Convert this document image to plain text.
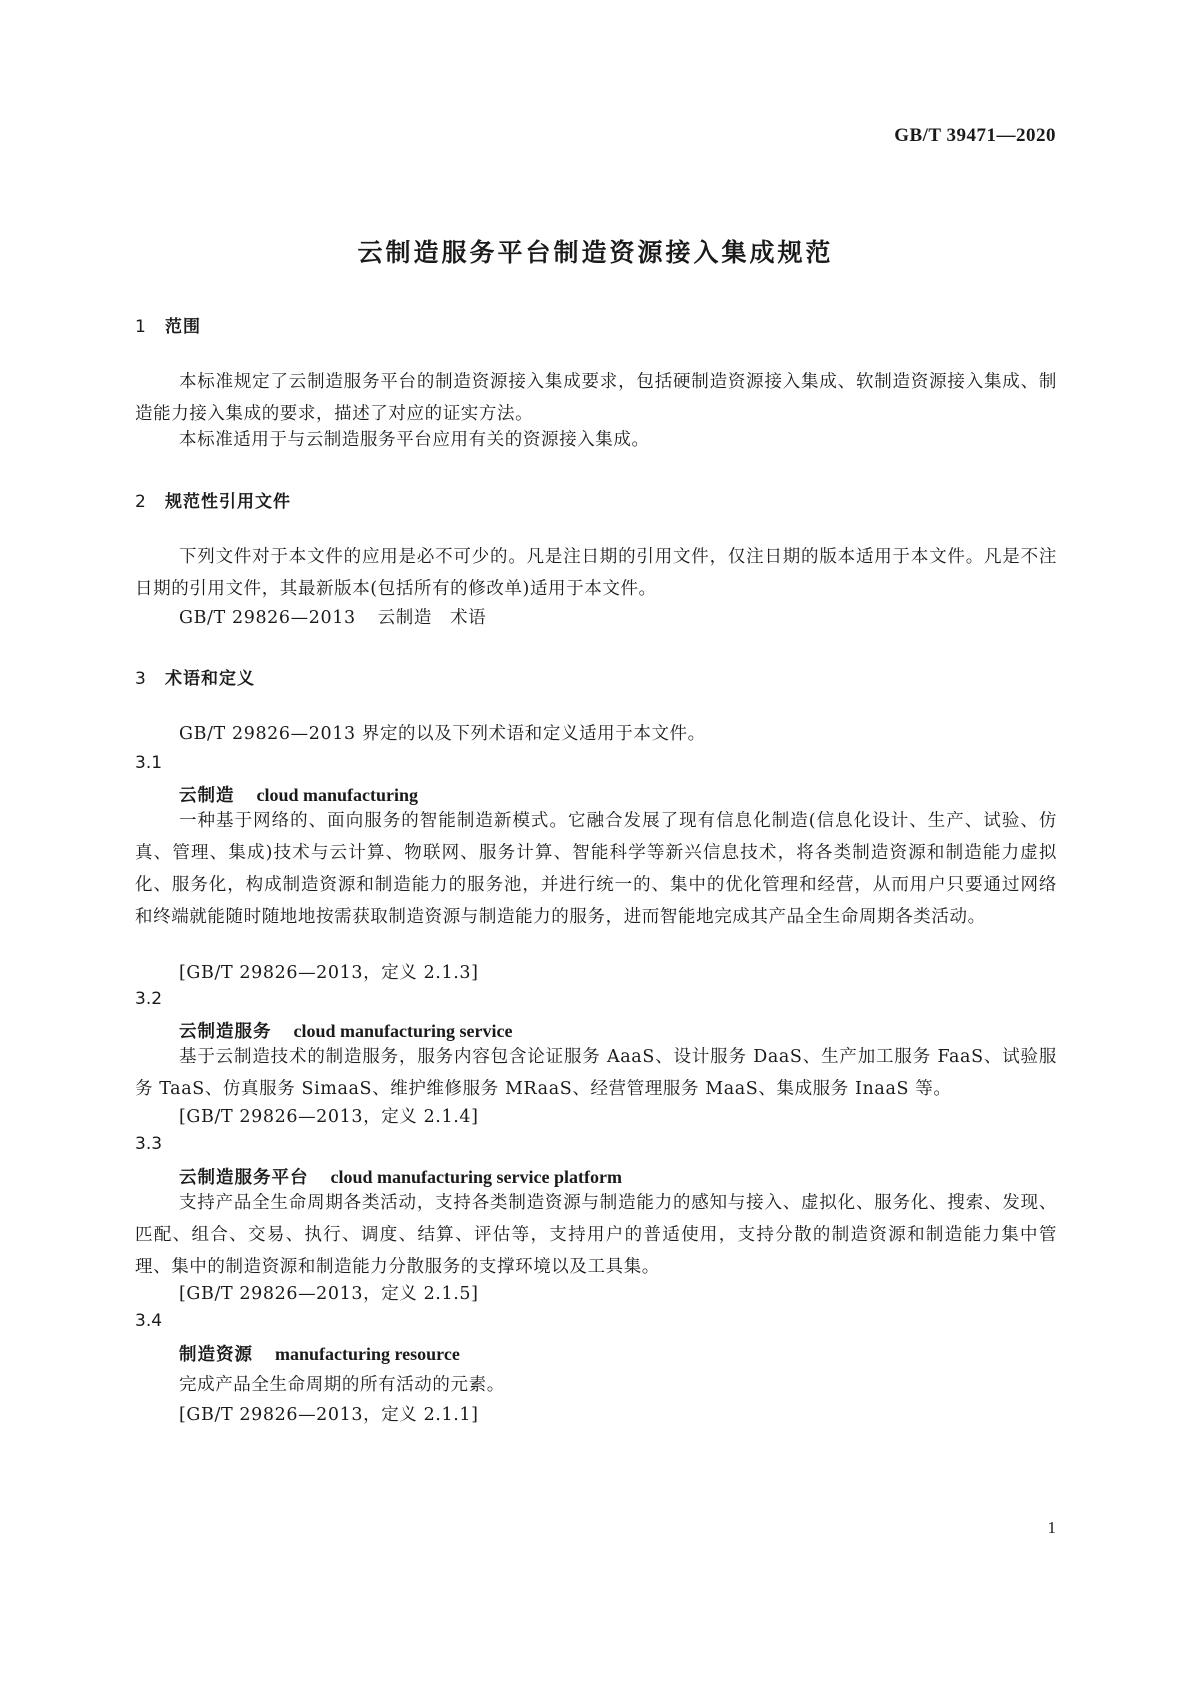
GB/T 39471—2020
云制造服务平台制造资源接入集成规范
1 范围

本标准规定了云制造服务平台的制造资源接入集成要求，包括硬制造资源接入集成、软制造资源接入集成、制造能力接入集成的要求，描述了对应的证实方法。

本标准适用于与云制造服务平台应用有关的资源接入集成。

2 规范性引用文件

下列文件对于本文件的应用是必不可少的。凡是注日期的引用文件，仅注日期的版本适用于本文件。凡是不注日期的引用文件，其最新版本(包括所有的修改单)适用于本文件。

GB/T 29826—2013 云制造　术语
3 术语和定义
GB/T 29826—2013 界定的以及下列术语和定义适用于本文件。
3.1
云制造 cloud manufacturing

一种基于网络的、面向服务的智能制造新模式。它融合发展了现有信息化制造(信息化设计、生产、试验、仿真、管理、集成)技术与云计算、物联网、服务计算、智能科学等新兴信息技术，将各类制造资源和制造能力虚拟化、服务化，构成制造资源和制造能力的服务池，并进行统一的、集中的优化管理和经营，从而用户只要通过网络和终端就能随时随地地按需获取制造资源与制造能力的服务，进而智能地完成其产品全生命周期各类活动。

[GB/T 29826—2013，定义 2.1.3]
3.2
云制造服务 cloud manufacturing service

基于云制造技术的制造服务，服务内容包含论证服务 AaaS、设计服务 DaaS、生产加工服务 FaaS、试验服务 TaaS、仿真服务 SimaaS、维护维修服务 MRaaS、经营管理服务 MaaS、集成服务 InaaS 等。

[GB/T 29826—2013，定义 2.1.4]
3.3
云制造服务平台 cloud manufacturing service platform

支持产品全生命周期各类活动，支持各类制造资源与制造能力的感知与接入、虚拟化、服务化、搜索、发现、匹配、组合、交易、执行、调度、结算、评估等，支持用户的普适使用，支持分散的制造资源和制造能力集中管理、集中的制造资源和制造能力分散服务的支撑环境以及工具集。

[GB/T 29826—2013，定义 2.1.5]
3.4
制造资源 manufacturing resource
完成产品全生命周期的所有活动的元素。
[GB/T 29826—2013，定义 2.1.1]
1
